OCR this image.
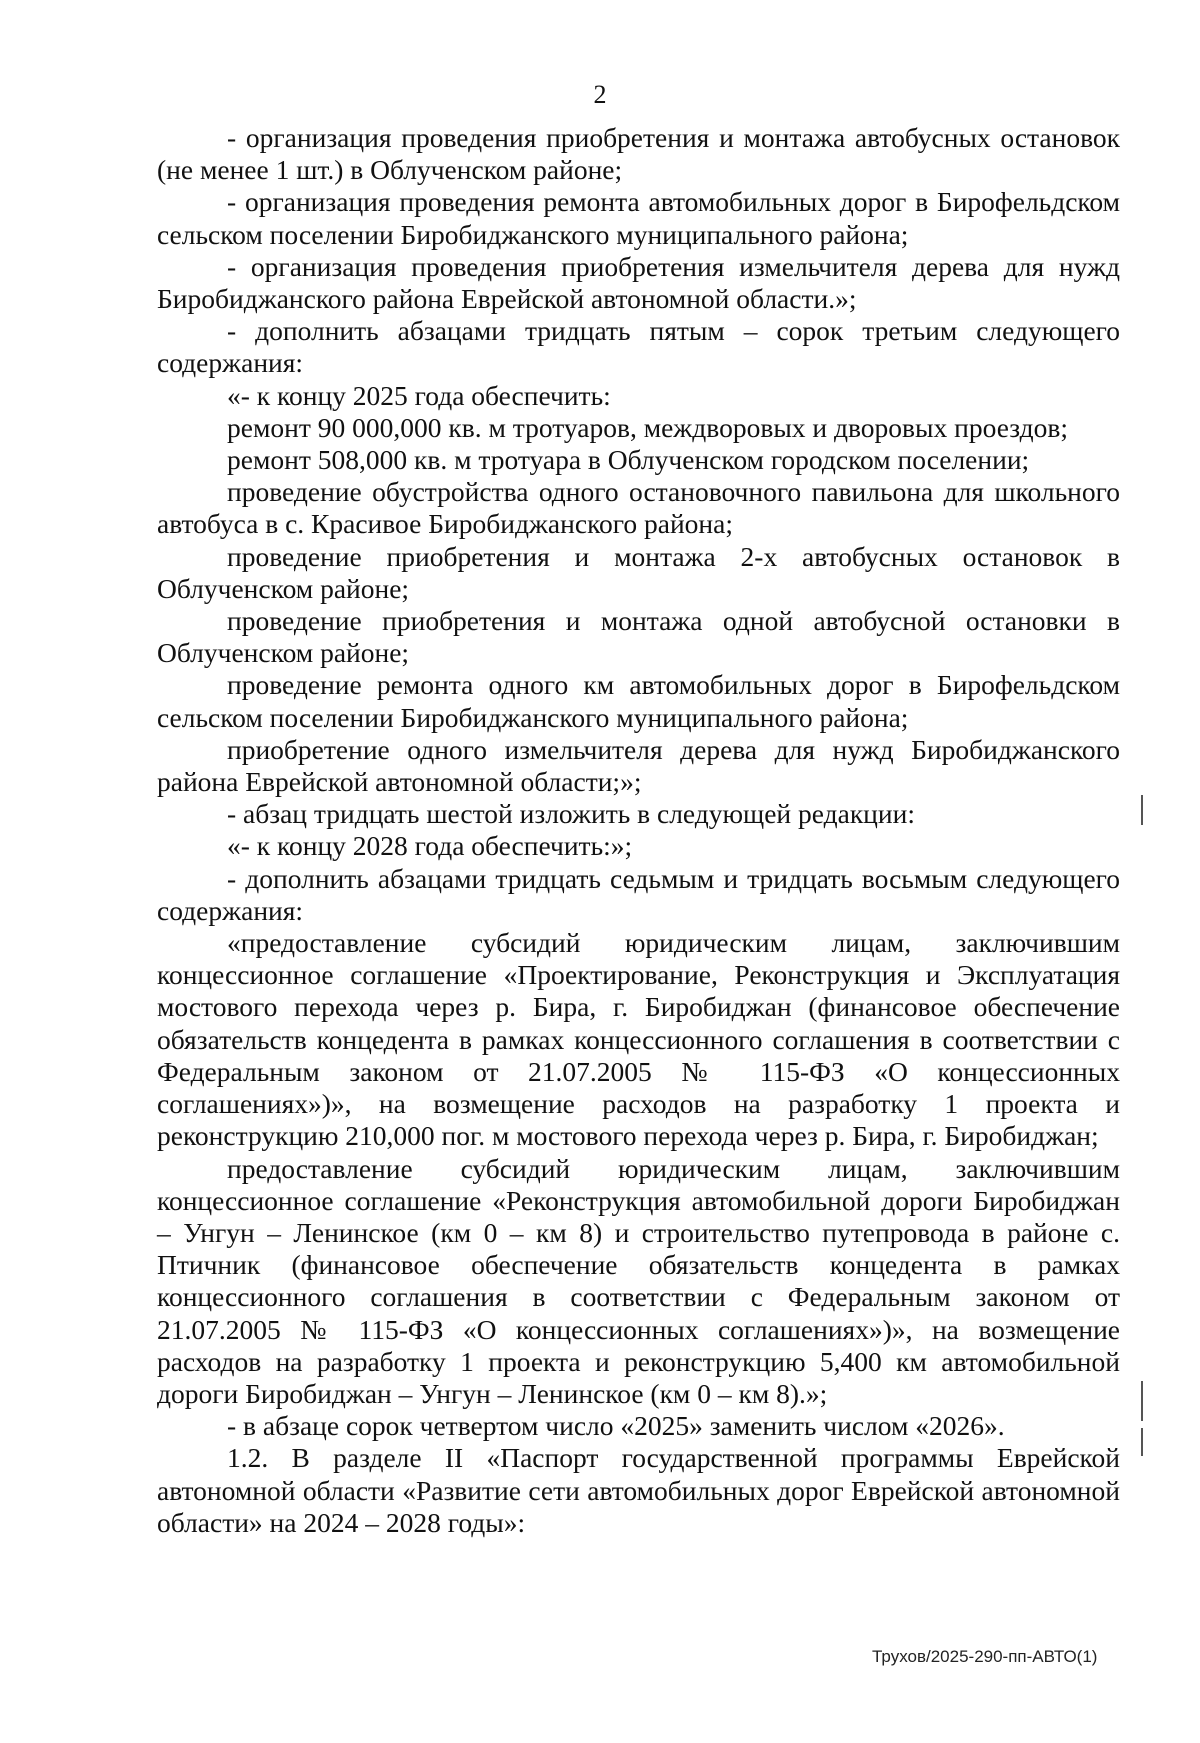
2

- организация проведения приобретения и монтажа автобусных остановок (не менее 1 шт.) в Облученском районе;

- организация проведения ремонта автомобильных дорог в Бирофельдском сельском поселении Биробиджанского муниципального района;

- организация проведения приобретения измельчителя дерева для нужд Биробиджанского района Еврейской автономной области.»;

- дополнить абзацами тридцать пятым – сорок третьим следующего содержания:

«- к концу 2025 года обеспечить:

ремонт 90 000,000 кв. м тротуаров, междворовых и дворовых проездов;

ремонт 508,000 кв. м тротуара в Облученском городском поселении;

проведение обустройства одного остановочного павильона для школьного автобуса в с. Красивое Биробиджанского района;

проведение приобретения и монтажа 2-х автобусных остановок в Облученском районе;

проведение приобретения и монтажа одной автобусной остановки в Облученском районе;

проведение ремонта одного км автомобильных дорог в Бирофельдском сельском поселении Биробиджанского муниципального района;

приобретение одного измельчителя дерева для нужд Биробиджанского района Еврейской автономной области;»;

- абзац тридцать шестой изложить в следующей редакции:

«- к концу 2028 года обеспечить:»;

- дополнить абзацами тридцать седьмым и тридцать восьмым следующего содержания:

«предоставление субсидий юридическим лицам, заключившим концессионное соглашение «Проектирование, Реконструкция и Эксплуатация мостового перехода через р. Бира, г. Биробиджан (финансовое обеспечение обязательств концедента в рамках концессионного соглашения в соответствии с Федеральным законом от 21.07.2005 № 115-ФЗ «О концессионных соглашениях»)», на возмещение расходов на разработку 1 проекта и реконструкцию 210,000 пог. м мостового перехода через р. Бира, г. Биробиджан;

предоставление субсидий юридическим лицам, заключившим концессионное соглашение «Реконструкция автомобильной дороги Биробиджан – Унгун – Ленинское (км 0 – км 8) и строительство путепровода в районе с. Птичник (финансовое обеспечение обязательств концедента в рамках концессионного соглашения в соответствии с Федеральным законом от 21.07.2005 № 115-ФЗ «О концессионных соглашениях»)», на возмещение расходов на разработку 1 проекта и реконструкцию 5,400 км автомобильной дороги Биробиджан – Унгун – Ленинское (км 0 – км 8).»;

- в абзаце сорок четвертом число «2025» заменить числом «2026».

1.2. В разделе II «Паспорт государственной программы Еврейской автономной области «Развитие сети автомобильных дорог Еврейской автономной области» на 2024 – 2028 годы»:

Трухов/2025-290-пп-АВТО(1)
